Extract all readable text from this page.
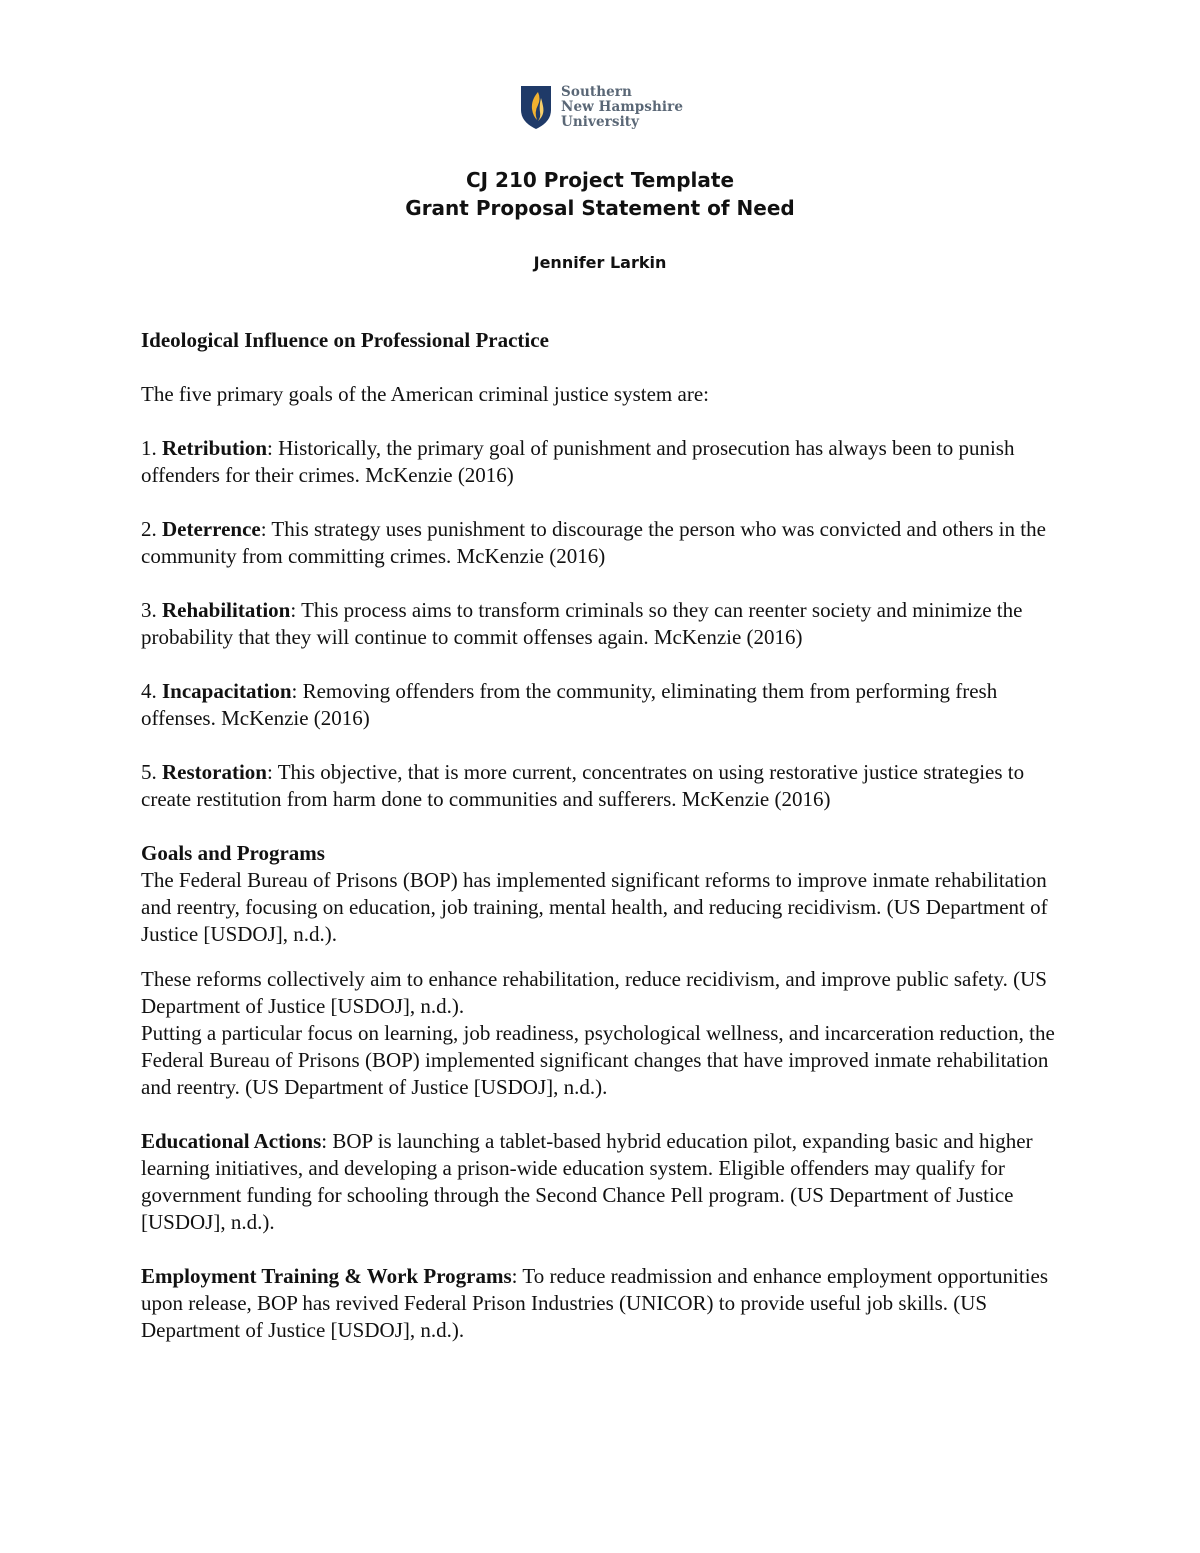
Southern
New Hampshire
University
CJ 210 Project Template
Grant Proposal Statement of Need
Jennifer Larkin

Ideological Influence on Professional Practice

The five primary goals of the American criminal justice system are:

1. Retribution: Historically, the primary goal of punishment and prosecution has always been to punish offenders for their crimes. McKenzie (2016)

2. Deterrence: This strategy uses punishment to discourage the person who was convicted and others in the community from committing crimes. McKenzie (2016)

3. Rehabilitation: This process aims to transform criminals so they can reenter society and minimize the probability that they will continue to commit offenses again. McKenzie (2016)

4. Incapacitation: Removing offenders from the community, eliminating them from performing fresh offenses. McKenzie (2016)

5. Restoration: This objective, that is more current, concentrates on using restorative justice strategies to create restitution from harm done to communities and sufferers. McKenzie (2016)

Goals and Programs

The Federal Bureau of Prisons (BOP) has implemented significant reforms to improve inmate rehabilitation and reentry, focusing on education, job training, mental health, and reducing recidivism. (US Department of Justice [USDOJ], n.d.).

These reforms collectively aim to enhance rehabilitation, reduce recidivism, and improve public safety. (US Department of Justice [USDOJ], n.d.).

Putting a particular focus on learning, job readiness, psychological wellness, and incarceration reduction, the Federal Bureau of Prisons (BOP) implemented significant changes that have improved inmate rehabilitation and reentry. (US Department of Justice [USDOJ], n.d.).

Educational Actions: BOP is launching a tablet-based hybrid education pilot, expanding basic and higher learning initiatives, and developing a prison-wide education system. Eligible offenders may qualify for government funding for schooling through the Second Chance Pell program. (US Department of Justice [USDOJ], n.d.).

Employment Training & Work Programs: To reduce readmission and enhance employment opportunities upon release, BOP has revived Federal Prison Industries (UNICOR) to provide useful job skills. (US Department of Justice [USDOJ], n.d.).
